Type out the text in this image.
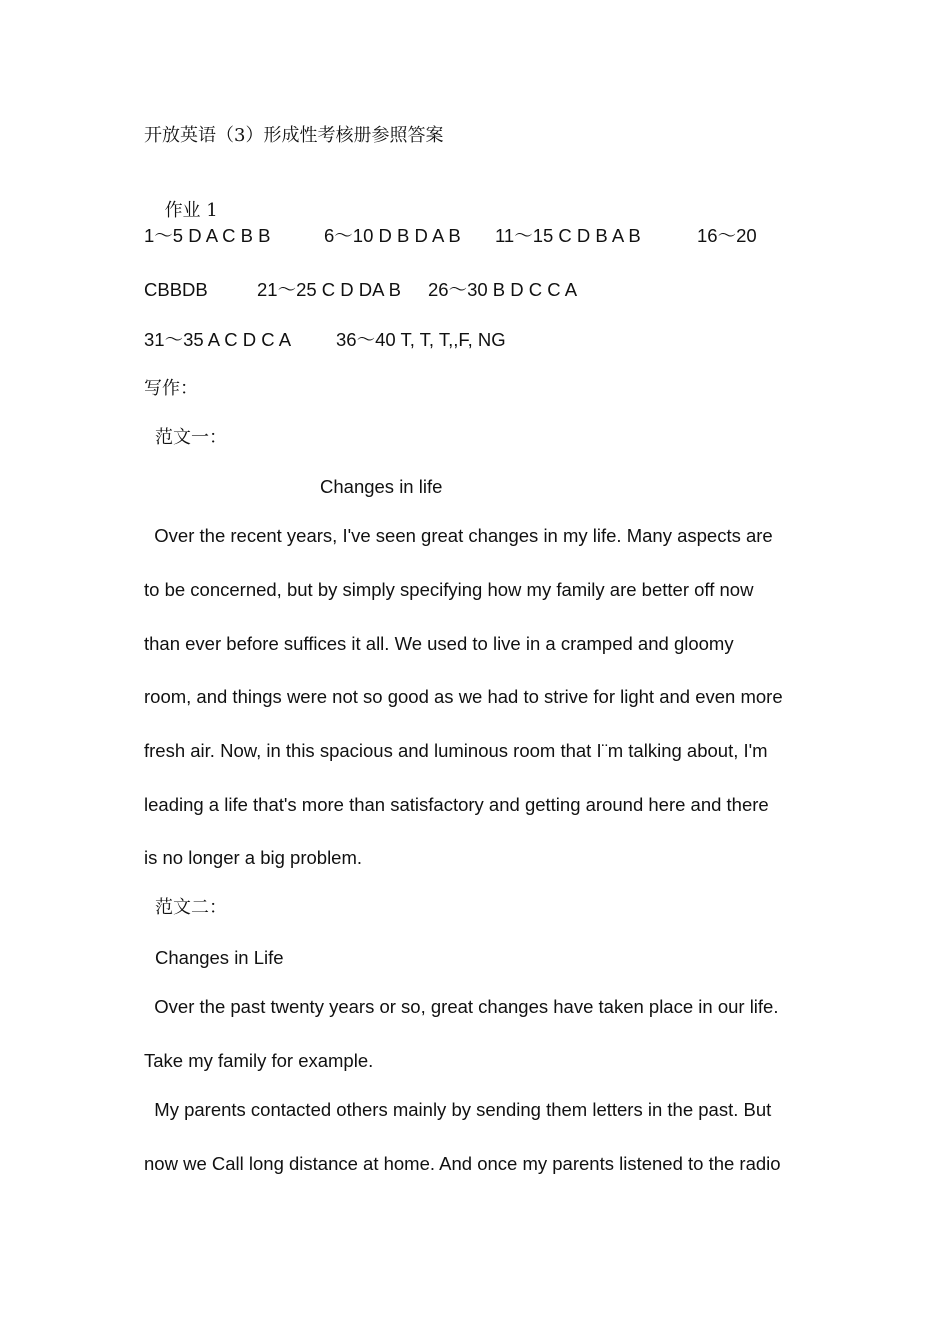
开放英语（3）形成性考核册参照答案

作业 1

1～5 D A C B B

	6～10 D B D A B

11～15 C D B A B

	16～20

CBBDB

	21～25 C D DA B

26～30 B D C C A

31～35 A C D C A

36～40 T, T, T,,F, NG

写作：
范文一：
Changes in life
Over the recent years, I've seen great changes in my life. Many aspects are
to be concerned, but by simply specifying how my family are better off now
than ever before suffices it all. We used to live in a cramped and gloomy
room, and things were not so good as we had to strive for light and even more
fresh air. Now, in this spacious and luminous room that I¨m talking about, I'm
leading a life that's more than satisfactory and getting around here and there
is no longer a big problem.
范文二：
Changes in Life
Over the past twenty years or so, great changes have taken place in our life.
Take my family for example.
My parents contacted others mainly by sending them letters in the past. But
now we Call long distance at home. And once my parents listened to the radio
